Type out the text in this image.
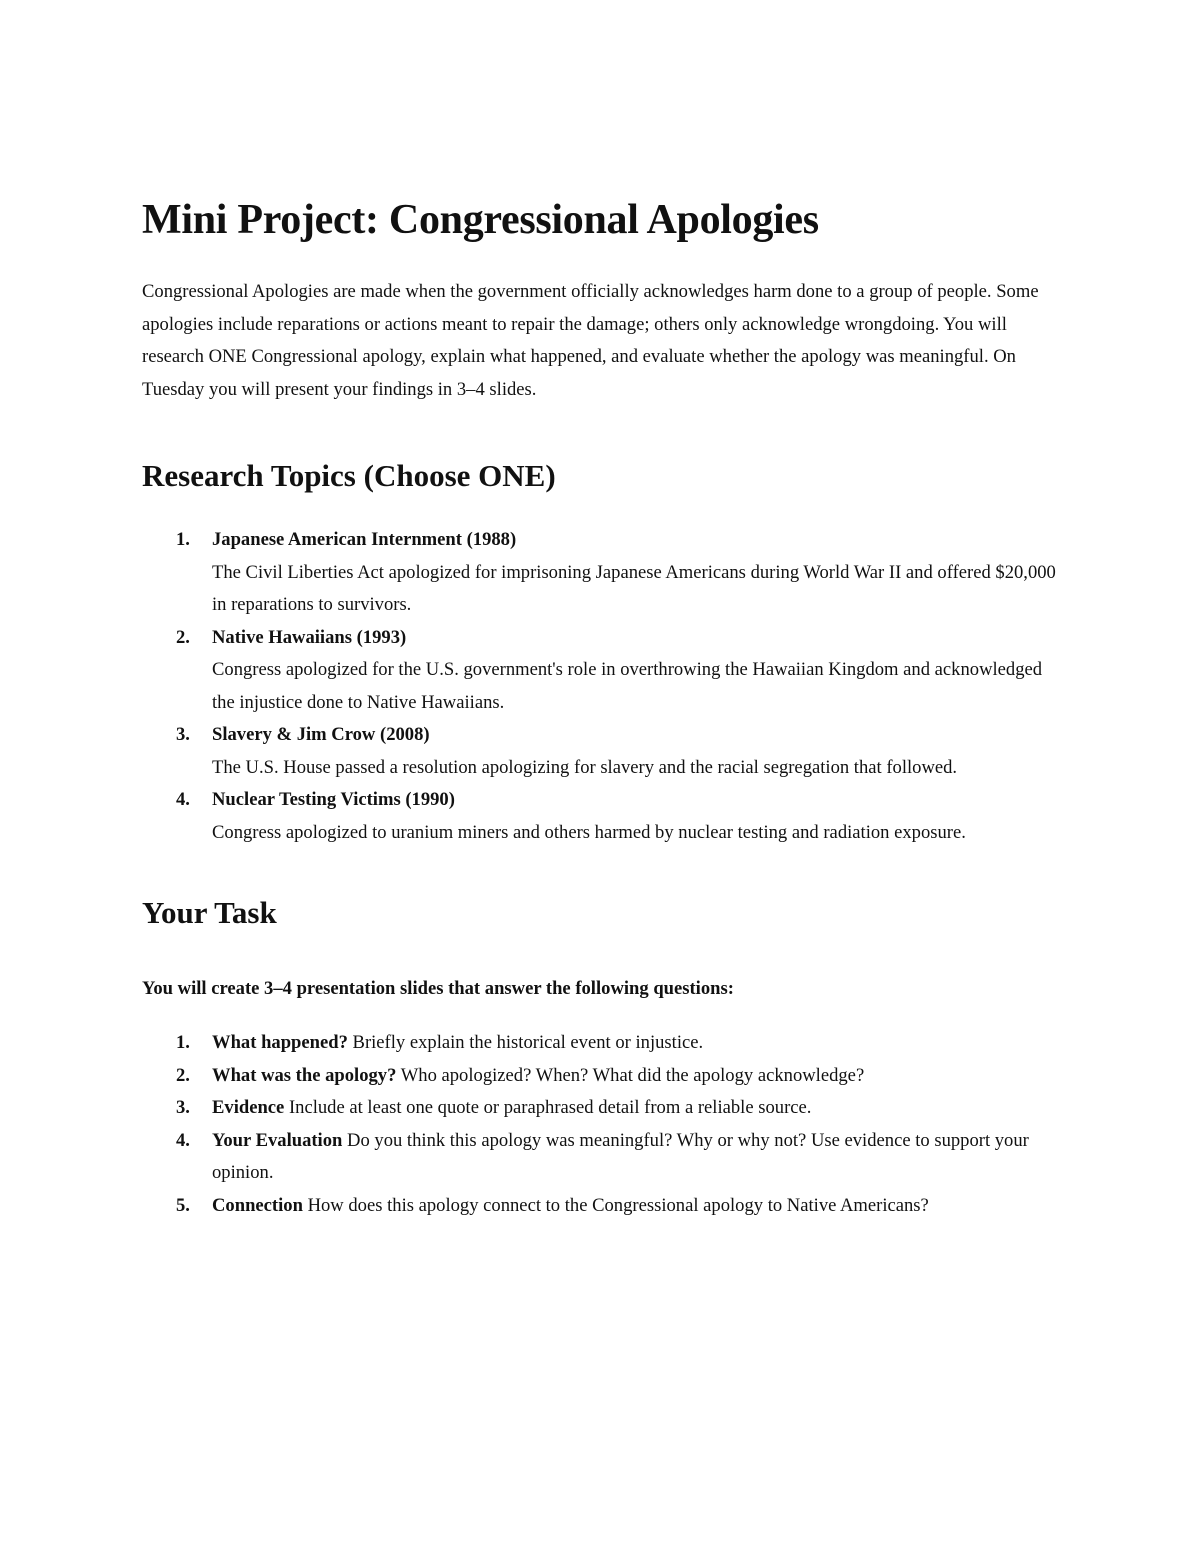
Mini Project: Congressional Apologies

Congressional Apologies are made when the government officially acknowledges harm done to a group of people. Some apologies include reparations or actions meant to repair the damage; others only acknowledge wrongdoing. You will research ONE Congressional apology, explain what happened, and evaluate whether the apology was meaningful. On Tuesday you will present your findings in 3–4 slides.

Research Topics (Choose ONE)
1. Japanese American Internment (1988)
The Civil Liberties Act apologized for imprisoning Japanese Americans during World War II and offered $20,000 in reparations to survivors.
2. Native Hawaiians (1993)
Congress apologized for the U.S. government's role in overthrowing the Hawaiian Kingdom and acknowledged the injustice done to Native Hawaiians.
3. Slavery & Jim Crow (2008)
The U.S. House passed a resolution apologizing for slavery and the racial segregation that followed.
4. Nuclear Testing Victims (1990)
Congress apologized to uranium miners and others harmed by nuclear testing and radiation exposure.
Your Task

You will create 3–4 presentation slides that answer the following questions:

1. What happened? Briefly explain the historical event or injustice.
2. What was the apology? Who apologized? When? What did the apology acknowledge?
3. Evidence Include at least one quote or paraphrased detail from a reliable source.
4. Your Evaluation Do you think this apology was meaningful? Why or why not? Use evidence to support your opinion.
5. Connection How does this apology connect to the Congressional apology to Native Americans?
